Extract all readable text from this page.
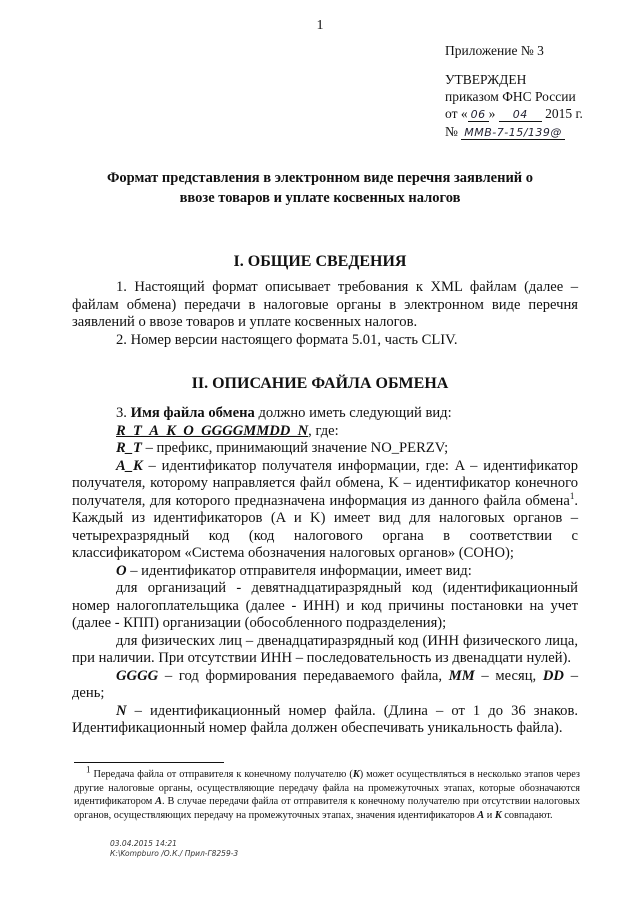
1
Приложение № 3
УТВЕРЖДЕН
приказом ФНС России
от « 06 » 04 2015 г.
№ ММВ-7-15/139@
Формат представления в электронном виде перечня заявлений о
ввозе товаров и уплате косвенных налогов
I. ОБЩИЕ СВЕДЕНИЯ

1. Настоящий формат описывает требования к XML файлам (далее – файлам обмена) передачи в налоговые органы в электронном виде перечня заявлений о ввозе товаров и уплате косвенных налогов.

2. Номер версии настоящего формата 5.01, часть CLIV.

II. ОПИСАНИЕ ФАЙЛА ОБМЕНА

3. Имя файла обмена должно иметь следующий вид:

R_T_A_K_O_GGGGMMDD_N, где:

R_T – префикс, принимающий значение NO_PERZV;

A_K – идентификатор получателя информации, где: A – идентификатор получателя, которому направляется файл обмена, K – идентификатор конечного получателя, для которого предназначена информация из данного файла обмена$^1$. Каждый из идентификаторов (A и K) имеет вид для налоговых органов – четырехразрядный код (код налогового органа в соответствии с классификатором «Система обозначения налоговых органов» (СОНО);

O – идентификатор отправителя информации, имеет вид:

для организаций - девятнадцатиразрядный код (идентификационный номер налогоплательщика (далее - ИНН) и код причины постановки на учет (далее - КПП) организации (обособленного подразделения);

для физических лиц – двенадцатиразрядный код (ИНН физического лица, при наличии. При отсутствии ИНН – последовательность из двенадцати нулей).

GGGG – год формирования передаваемого файла, MM – месяц, DD – день;

N – идентификационный номер файла. (Длина – от 1 до 36 знаков. Идентификационный номер файла должен обеспечивать уникальность файла).

$^1$ Передача файла от отправителя к конечному получателю (K) может осуществляться в несколько этапов через другие налоговые органы, осуществляющие передачу файла на промежуточных этапах, которые обозначаются идентификатором A. В случае передачи файла от отправителя к конечному получателю при отсутствии налоговых органов, осуществляющих передачу на промежуточных этапах, значения идентификаторов A и K совпадают.

03.04.2015 14:21
К:\Kompburo /О.К./ Прил-Г8259-3
